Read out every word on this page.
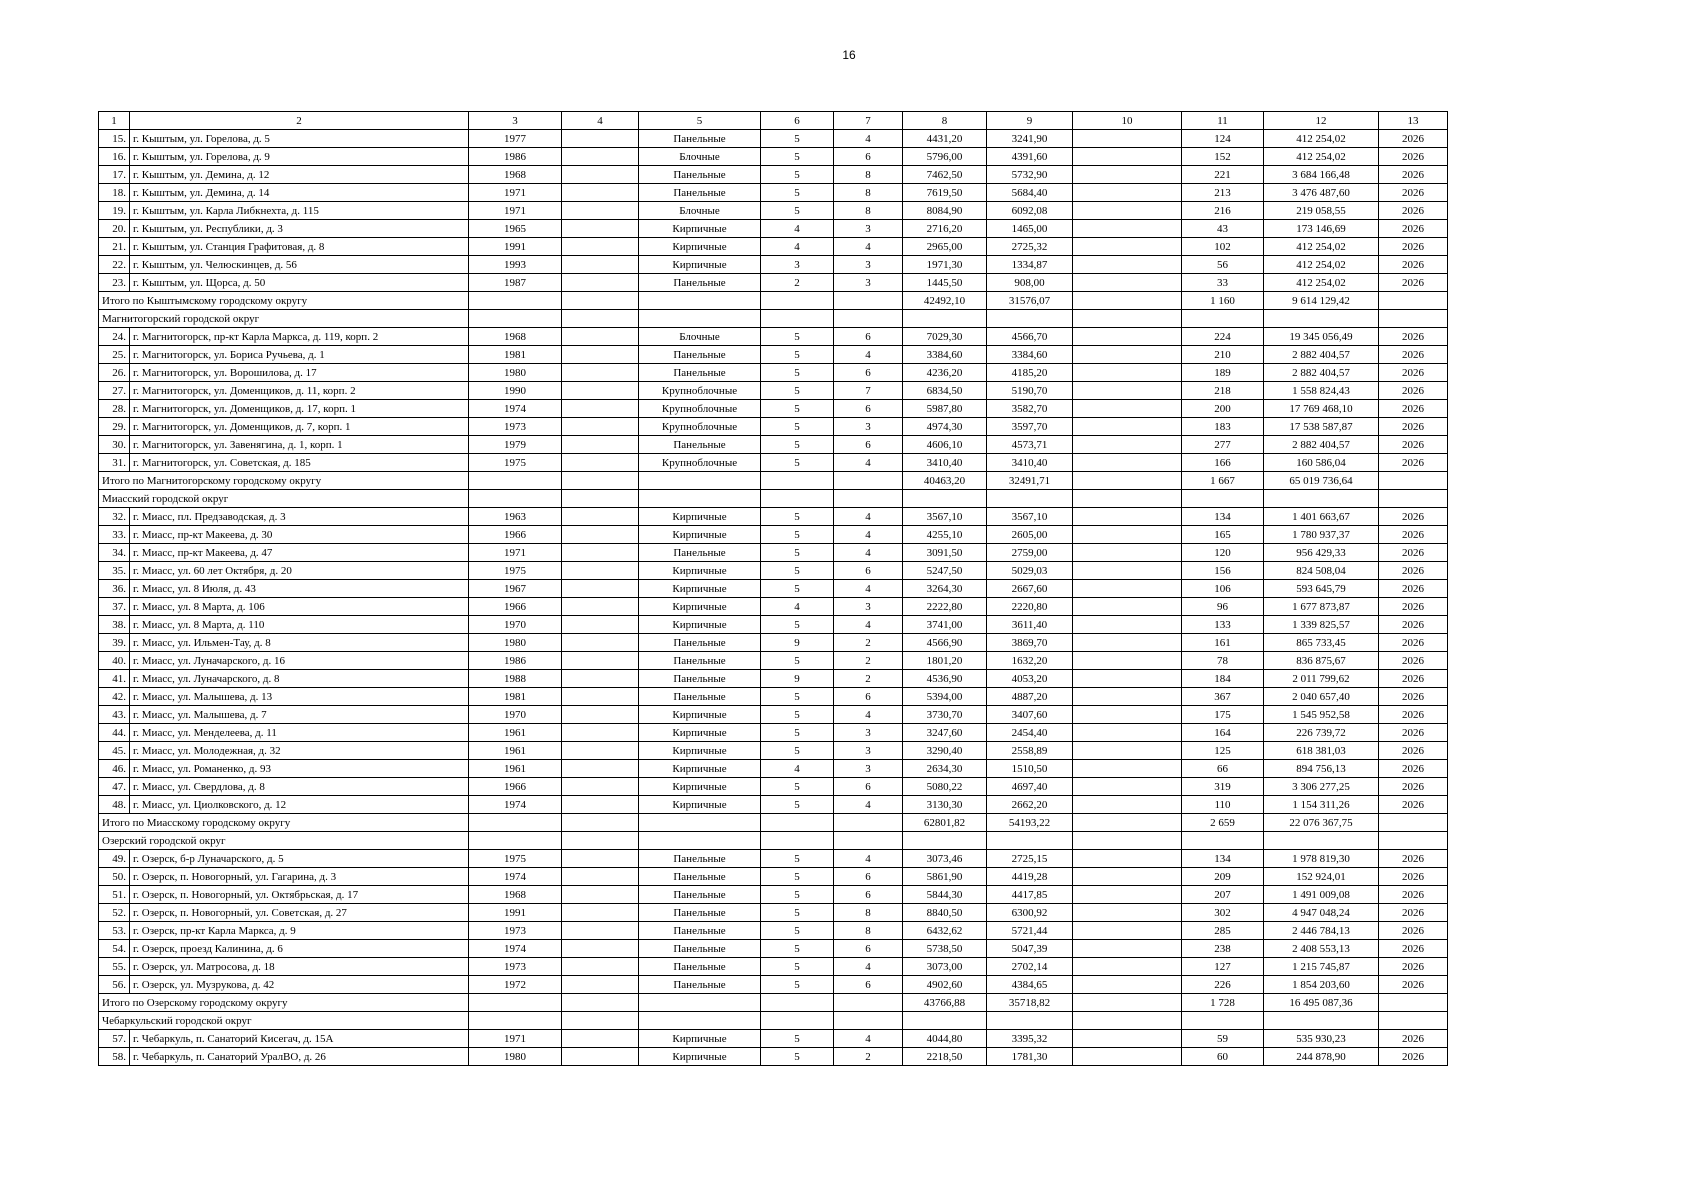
16
1	2	3	4	5	6	7	8	9	10	11	12	13
15.	г. Кыштым, ул. Горелова, д. 5	1977		Панельные	5	4	4431,20	3241,90		124	412 254,02	2026
16.	г. Кыштым, ул. Горелова, д. 9	1986		Блочные	5	6	5796,00	4391,60		152	412 254,02	2026
17.	г. Кыштым, ул. Демина, д. 12	1968		Панельные	5	8	7462,50	5732,90		221	3 684 166,48	2026
18.	г. Кыштым, ул. Демина, д. 14	1971		Панельные	5	8	7619,50	5684,40		213	3 476 487,60	2026
19.	г. Кыштым, ул. Карла Либкнехта, д. 115	1971		Блочные	5	8	8084,90	6092,08		216	219 058,55	2026
20.	г. Кыштым, ул. Республики, д. 3	1965		Кирпичные	4	3	2716,20	1465,00		43	173 146,69	2026
21.	г. Кыштым, ул. Станция Графитовая, д. 8	1991		Кирпичные	4	4	2965,00	2725,32		102	412 254,02	2026
22.	г. Кыштым, ул. Челюскинцев, д. 56	1993		Кирпичные	3	3	1971,30	1334,87		56	412 254,02	2026
23.	г. Кыштым, ул. Щорса, д. 50	1987		Панельные	2	3	1445,50	908,00		33	412 254,02	2026
Итого по Кыштымскому городскому округу							42492,10	31576,07		1 160	9 614 129,42	
Магнитогорский городской округ												
24.	г. Магнитогорск, пр-кт Карла Маркса, д. 119, корп. 2	1968		Блочные	5	6	7029,30	4566,70		224	19 345 056,49	2026
25.	г. Магнитогорск, ул. Бориса Ручьева, д. 1	1981		Панельные	5	4	3384,60	3384,60		210	2 882 404,57	2026
26.	г. Магнитогорск, ул. Ворошилова, д. 17	1980		Панельные	5	6	4236,20	4185,20		189	2 882 404,57	2026
27.	г. Магнитогорск, ул. Доменщиков, д. 11, корп. 2	1990		Крупноблочные	5	7	6834,50	5190,70		218	1 558 824,43	2026
28.	г. Магнитогорск, ул. Доменщиков, д. 17, корп. 1	1974		Крупноблочные	5	6	5987,80	3582,70		200	17 769 468,10	2026
29.	г. Магнитогорск, ул. Доменщиков, д. 7, корп. 1	1973		Крупноблочные	5	3	4974,30	3597,70		183	17 538 587,87	2026
30.	г. Магнитогорск, ул. Завенягина, д. 1, корп. 1	1979		Панельные	5	6	4606,10	4573,71		277	2 882 404,57	2026
31.	г. Магнитогорск, ул. Советская, д. 185	1975		Крупноблочные	5	4	3410,40	3410,40		166	160 586,04	2026
Итого по Магнитогорскому городскому округу							40463,20	32491,71		1 667	65 019 736,64	
Миасский городской округ												
32.	г. Миасс, пл. Предзаводская, д. 3	1963		Кирпичные	5	4	3567,10	3567,10		134	1 401 663,67	2026
33.	г. Миасс, пр-кт Макеева, д. 30	1966		Кирпичные	5	4	4255,10	2605,00		165	1 780 937,37	2026
34.	г. Миасс, пр-кт Макеева, д. 47	1971		Панельные	5	4	3091,50	2759,00		120	956 429,33	2026
35.	г. Миасс, ул. 60 лет Октября, д. 20	1975		Кирпичные	5	6	5247,50	5029,03		156	824 508,04	2026
36.	г. Миасс, ул. 8 Июля, д. 43	1967		Кирпичные	5	4	3264,30	2667,60		106	593 645,79	2026
37.	г. Миасс, ул. 8 Марта, д. 106	1966		Кирпичные	4	3	2222,80	2220,80		96	1 677 873,87	2026
38.	г. Миасс, ул. 8 Марта, д. 110	1970		Кирпичные	5	4	3741,00	3611,40		133	1 339 825,57	2026
39.	г. Миасс, ул. Ильмен-Тау, д. 8	1980		Панельные	9	2	4566,90	3869,70		161	865 733,45	2026
40.	г. Миасс, ул. Луначарского, д. 16	1986		Панельные	5	2	1801,20	1632,20		78	836 875,67	2026
41.	г. Миасс, ул. Луначарского, д. 8	1988		Панельные	9	2	4536,90	4053,20		184	2 011 799,62	2026
42.	г. Миасс, ул. Малышева, д. 13	1981		Панельные	5	6	5394,00	4887,20		367	2 040 657,40	2026
43.	г. Миасс, ул. Малышева, д. 7	1970		Кирпичные	5	4	3730,70	3407,60		175	1 545 952,58	2026
44.	г. Миасс, ул. Менделеева, д. 11	1961		Кирпичные	5	3	3247,60	2454,40		164	226 739,72	2026
45.	г. Миасс, ул. Молодежная, д. 32	1961		Кирпичные	5	3	3290,40	2558,89		125	618 381,03	2026
46.	г. Миасс, ул. Романенко, д. 93	1961		Кирпичные	4	3	2634,30	1510,50		66	894 756,13	2026
47.	г. Миасс, ул. Свердлова, д. 8	1966		Кирпичные	5	6	5080,22	4697,40		319	3 306 277,25	2026
48.	г. Миасс, ул. Циолковского, д. 12	1974		Кирпичные	5	4	3130,30	2662,20		110	1 154 311,26	2026
Итого по Миасскому городскому округу							62801,82	54193,22		2 659	22 076 367,75	
Озерский городской округ												
49.	г. Озерск, б-р Луначарского, д. 5	1975		Панельные	5	4	3073,46	2725,15		134	1 978 819,30	2026
50.	г. Озерск, п. Новогорный, ул. Гагарина, д. 3	1974		Панельные	5	6	5861,90	4419,28		209	152 924,01	2026
51.	г. Озерск, п. Новогорный, ул. Октябрьская, д. 17	1968		Панельные	5	6	5844,30	4417,85		207	1 491 009,08	2026
52.	г. Озерск, п. Новогорный, ул. Советская, д. 27	1991		Панельные	5	8	8840,50	6300,92		302	4 947 048,24	2026
53.	г. Озерск, пр-кт Карла Маркса, д. 9	1973		Панельные	5	8	6432,62	5721,44		285	2 446 784,13	2026
54.	г. Озерск, проезд Калинина, д. 6	1974		Панельные	5	6	5738,50	5047,39		238	2 408 553,13	2026
55.	г. Озерск, ул. Матросова, д. 18	1973		Панельные	5	4	3073,00	2702,14		127	1 215 745,87	2026
56.	г. Озерск, ул. Музрукова, д. 42	1972		Панельные	5	6	4902,60	4384,65		226	1 854 203,60	2026
Итого по Озерскому городскому округу							43766,88	35718,82		1 728	16 495 087,36	
Чебаркульский городской округ												
57.	г. Чебаркуль, п. Санаторий Кисегач, д. 15А	1971		Кирпичные	5	4	4044,80	3395,32		59	535 930,23	2026
58.	г. Чебаркуль, п. Санаторий УралВО, д. 26	1980		Кирпичные	5	2	2218,50	1781,30		60	244 878,90	2026
